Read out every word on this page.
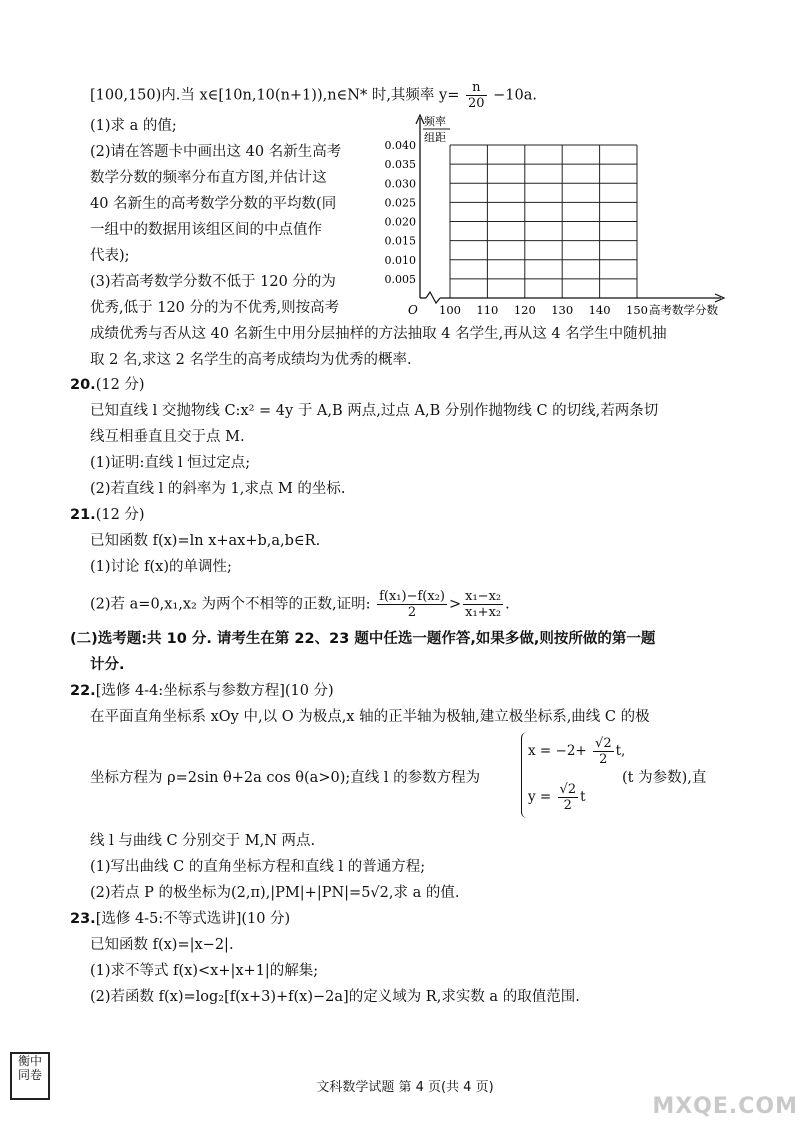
[100,150)内.当 x∈[10n,10(n+1)),n∈N* 时,其频率 $y= \frac{n}{20} -10a$.
(1)求 a 的值;
(2)请在答题卡中画出这 40 名新生高考
数学分数的频率分布直方图,并估计这
40 名新生的高考数学分数的平均数(同
一组中的数据用该组区间的中点值作
代表);
(3)若高考数学分数不低于 120 分的为
优秀,低于 120 分的为不优秀,则按高考
成绩优秀与否从这 40 名新生中用分层抽样的方法抽取 4 名学生,再从这 4 名学生中随机抽
取 2 名,求这 2 名学生的高考成绩均为优秀的概率.
0.040
0.035
0.030
0.025
0.020
0.015
0.010
0.005
100 110 120 130 140 150
O
频率
组距
高考数学分数
20.(12 分)
已知直线 l 交抛物线 C:x² = 4y 于 A,B 两点,过点 A,B 分别作抛物线 C 的切线,若两条切
线互相垂直且交于点 M.
(1)证明:直线 l 恒过定点;
(2)若直线 l 的斜率为 1,求点 M 的坐标.
21.(12 分)
已知函数 f(x)=ln x+ax+b,a,b∈R.
(1)讨论 f(x)的单调性;
(2)若 a=0,x₁,x₂ 为两个不相等的正数,证明: $\frac{\text{f(x₁)−f(x₂)}}{2} > \frac{\text{x₁−x₂}}{\text{x₁+x₂}}$ .
(二)选考题:共 10 分. 请考生在第 22、23 题中任选一题作答,如果多做,则按所做的第一题
计分.
22.[选修 4-4:坐标系与参数方程](10 分)
在平面直角坐标系 xOy 中,以 O 为极点,x 轴的正半轴为极轴,建立极坐标系,曲线 C 的极
坐标方程为 ρ=2sin θ+2a cos θ(a>0);直线 l 的参数方程为
$x = -2+ \frac{√2}{2} t$,
$y = \frac{√2}{2}$ t
(t 为参数),直
线 l 与曲线 C 分别交于 M,N 两点.
(1)写出曲线 C 的直角坐标方程和直线 l 的普通方程;
(2)若点 P 的极坐标为(2,π),|PM|+|PN|=5√2,求 a 的值.
23.[选修 4-5:不等式选讲](10 分)
已知函数 f(x)=|x−2|.
(1)求不等式 f(x)<x+|x+1|的解集;
(2)若函数 f(x)=log₂[f(x+3)+f(x)−2a]的定义域为 R,求实数 a 的取值范围.
衡中
同卷
文科数学试题 第 4 页(共 4 页)
MXQE.COM
